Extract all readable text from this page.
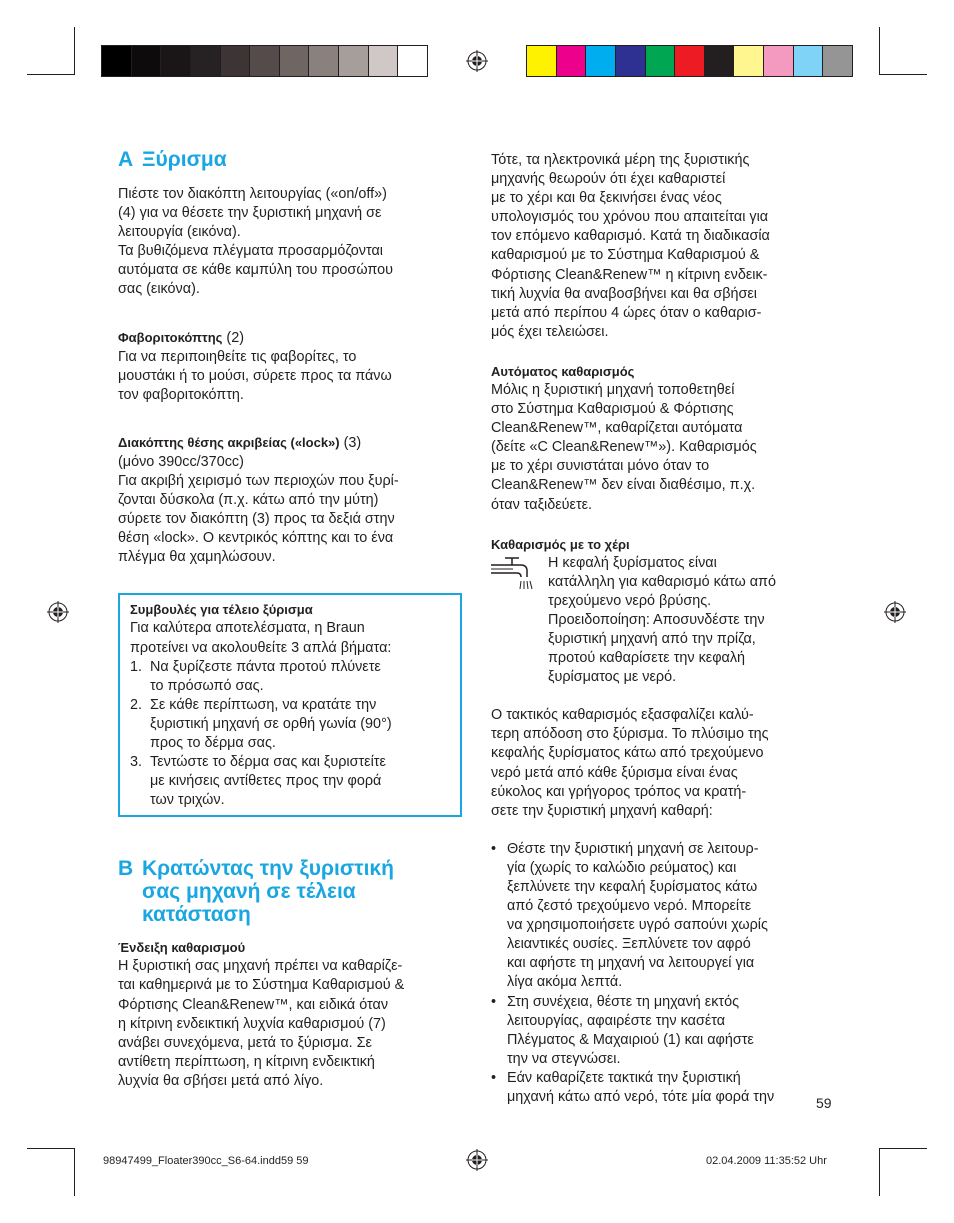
A Ξύρισμα

Πιέστε τον διακόπτη λειτουργίας («on/off»)
(4) για να θέσετε την ξυριστική μηχανή σε
λειτουργία (εικόνα).
Τα βυθιζόμενα πλέγματα προσαρμόζονται
αυτόματα σε κάθε καμπύλη του προσώπου
σας (εικόνα).

Φαβοριτοκόπτης (2)

Για να περιποιηθείτε τις φαβορίτες, το
μουστάκι ή το μούσι, σύρετε προς τα πάνω
τον φαβοριτοκόπτη.

Διακόπτης θέσης ακριβείας («lock») (3)

(μόνο 390cc/370cc)
Για ακριβή χειρισμό των περιοχών που ξυρί-
ζονται δύσκολα (π.χ. κάτω από την μύτη)
σύρετε τον διακόπτη (3) προς τα δεξιά στην
θέση «lock». Ο κεντρικός κόπτης και το ένα
πλέγμα θα χαμηλώσουν.

Συμβουλές για τέλειο ξύρισμα

Για καλύτερα αποτελέσματα, η Braun
προτείνει να ακολουθείτε 3 απλά βήματα:

1. Να ξυρίζεστε πάντα προτού πλύνετε
το πρόσωπό σας.
2. Σε κάθε περίπτωση, να κρατάτε την
ξυριστική μηχανή σε ορθή γωνία (90°)
προς το δέρμα σας.
3. Τεντώστε το δέρμα σας και ξυριστείτε
με κινήσεις αντίθετες προς την φορά
των τριχών.
B Κρατώντας την ξυριστική
σας μηχανή σε τέλεια
κατάσταση
Ένδειξη καθαρισμού

Η ξυριστική σας μηχανή πρέπει να καθαρίζε-
ται καθημερινά με το Σύστημα Καθαρισμού &
Φόρτισης Clean&Renew™, και ειδικά όταν
η κίτρινη ενδεικτική λυχνία καθαρισμού (7)
ανάβει συνεχόμενα, μετά το ξύρισμα. Σε
αντίθετη περίπτωση, η κίτρινη ενδεικτική
λυχνία θα σβήσει μετά από λίγο.

Τότε, τα ηλεκτρονικά μέρη της ξυριστικής
μηχανής θεωρούν ότι έχει καθαριστεί
με το χέρι και θα ξεκινήσει ένας νέος
υπολογισμός του χρόνου που απαιτείται για
τον επόμενο καθαρισμό. Κατά τη διαδικασία
καθαρισμού με το Σύστημα Καθαρισμού &
Φόρτισης Clean&Renew™ η κίτρινη ενδεικ-
τική λυχνία θα αναβοσβήνει και θα σβήσει
μετά από περίπου 4 ώρες όταν ο καθαρισ-
μός έχει τελειώσει.

Αυτόματος καθαρισμός

Μόλις η ξυριστική μηχανή τοποθετηθεί
στο Σύστημα Καθαρισμού & Φόρτισης
Clean&Renew™, καθαρίζεται αυτόματα
(δείτε «C Clean&Renew™»). Καθαρισμός
με το χέρι συνιστάται μόνο όταν το
Clean&Renew™ δεν είναι διαθέσιμο, π.χ.
όταν ταξιδεύετε.

Καθαρισμός με το χέρι

Η κεφαλή ξυρίσματος είναι
κατάλληλη για καθαρισμό κάτω από
τρεχούμενο νερό βρύσης.
Προειδοποίηση: Αποσυνδέστε την
ξυριστική μηχανή από την πρίζα,
προτού καθαρίσετε την κεφαλή
ξυρίσματος με νερό.

Ο τακτικός καθαρισμός εξασφαλίζει καλύ-
τερη απόδοση στο ξύρισμα. Το πλύσιμο της
κεφαλής ξυρίσματος κάτω από τρεχούμενο
νερό μετά από κάθε ξύρισμα είναι ένας
εύκολος και γρήγορος τρόπος να κρατή-
σετε την ξυριστική μηχανή καθαρή:

• Θέστε την ξυριστική μηχανή σε λειτουρ-
γία (χωρίς το καλώδιο ρεύματος) και
ξεπλύνετε την κεφαλή ξυρίσματος κάτω
από ζεστό τρεχούμενο νερό. Μπορείτε
να χρησιμοποιήσετε υγρό σαπούνι χωρίς
λειαντικές ουσίες. Ξεπλύνετε τον αφρό
και αφήστε τη μηχανή να λειτουργεί για
λίγα ακόμα λεπτά.
• Στη συνέχεια, θέστε τη μηχανή εκτός
λειτουργίας, αφαιρέστε την κασέτα
Πλέγματος & Μαχαιριού (1) και αφήστε
την να στεγνώσει.
• Εάν καθαρίζετε τακτικά την ξυριστική
μηχανή κάτω από νερό, τότε μία φορά την	59
98947499_Floater390cc_S6-64.indd59 59	02.04.2009 11:35:52 Uhr
